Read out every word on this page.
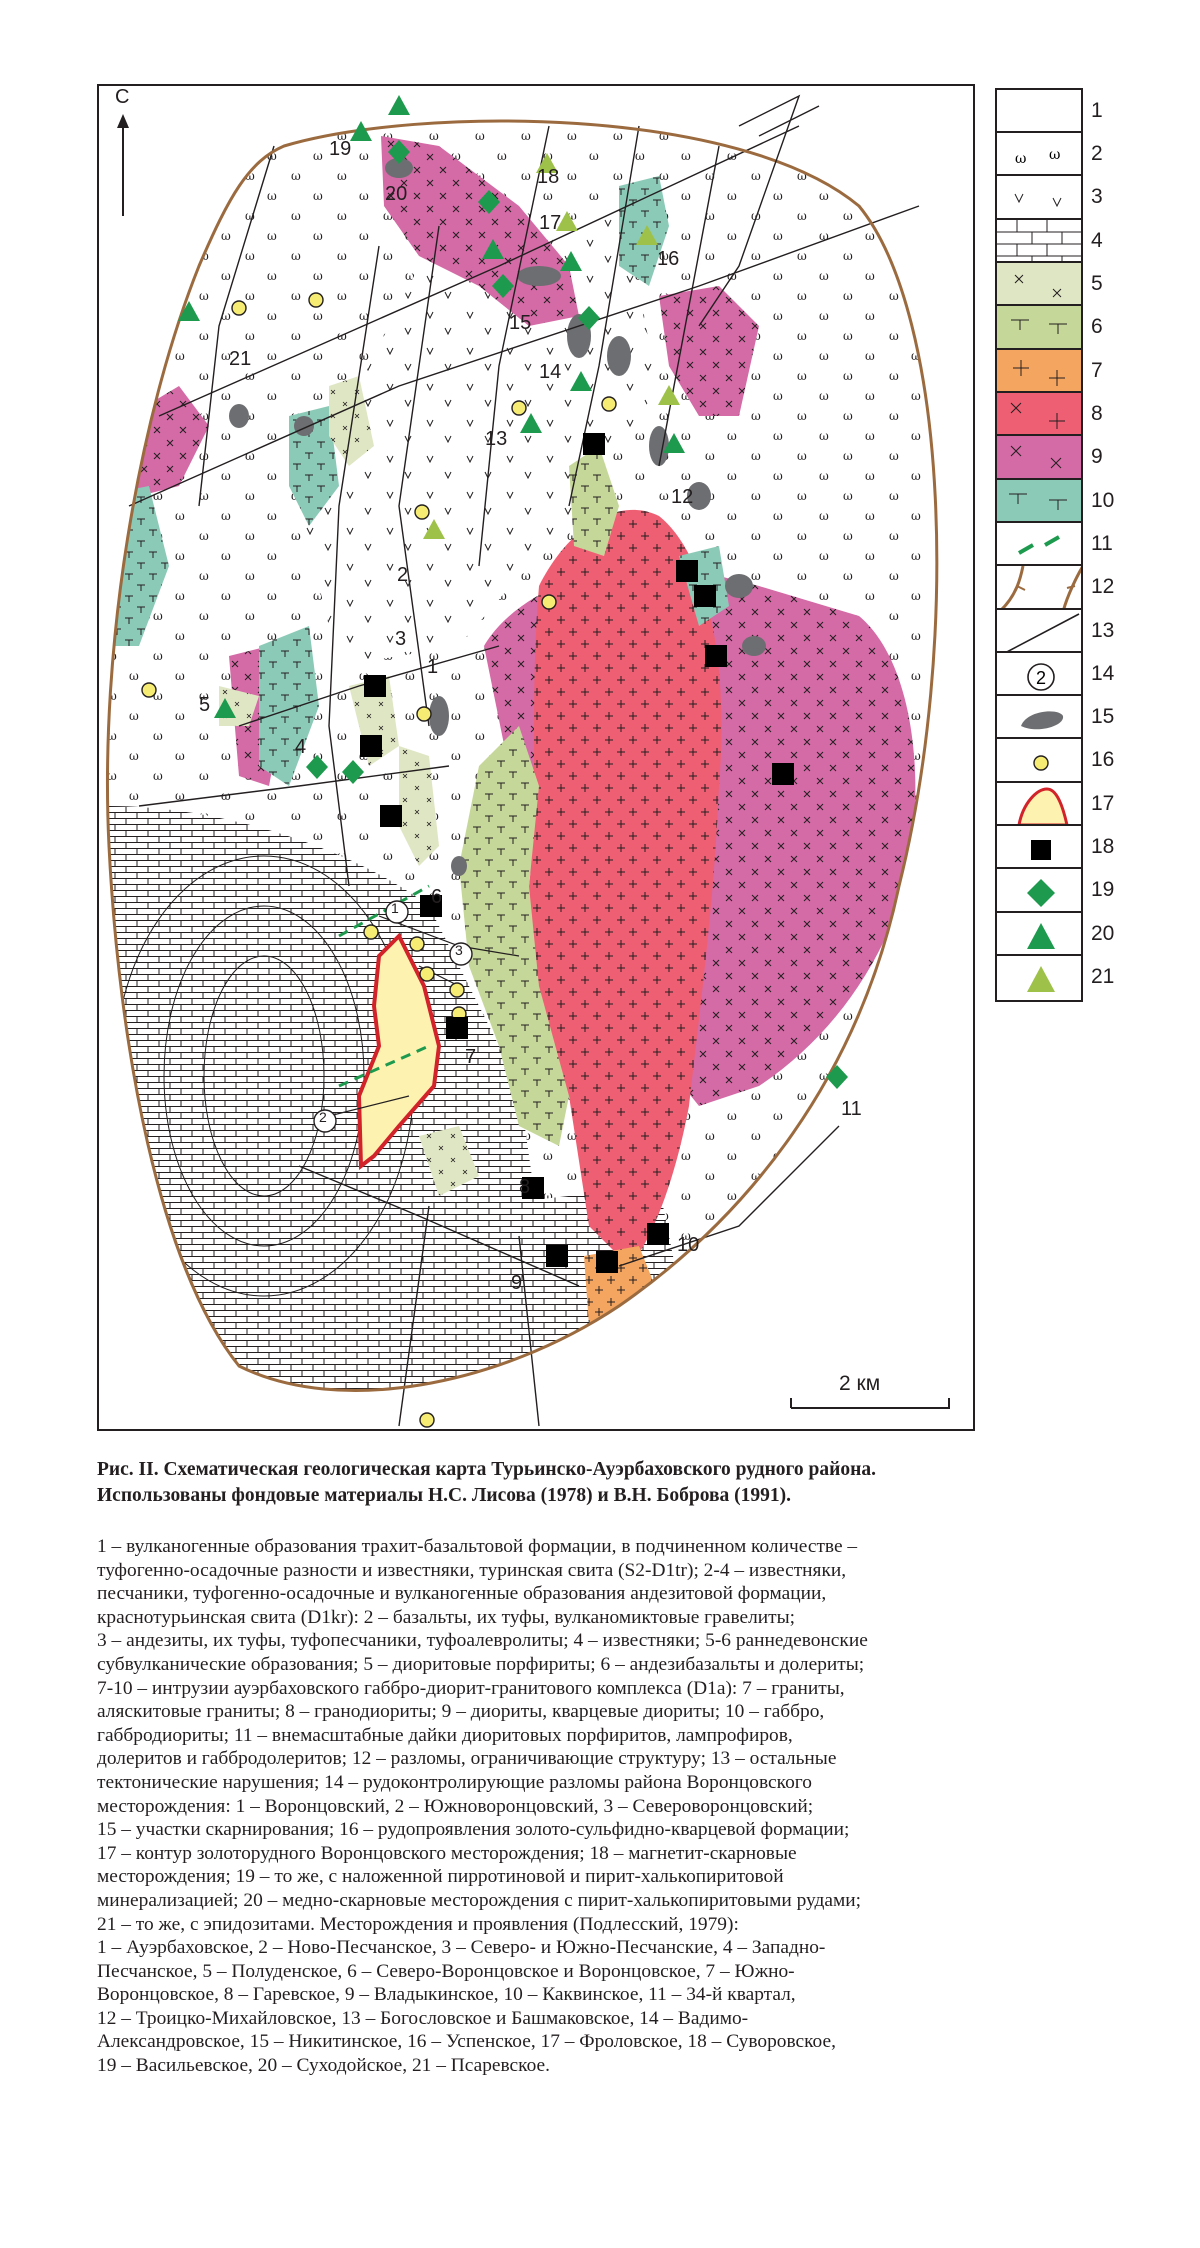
С
2 км
1
2
3
1
2
3
4
5
6
7
8
9
10
11
12
13
14
15
16
17
18
19
20
21
1
ω ω 2
3
4
5
6
7
8
9
10
11
12
13
2 14
15
16
17
18
19
20
21
Рис. II. Схематическая геологическая карта Турьинско-Ауэрбаховского рудного района.
Использованы фондовые материалы Н.С. Лисова (1978) и В.Н. Боброва (1991).
1 – вулканогенные образования трахит-базальтовой формации, в подчиненном количестве –
туфогенно-осадочные разности и известняки, туринская свита (S2-D1tr); 2-4 – известняки,
песчаники, туфогенно-осадочные и вулканогенные образования андезитовой формации,
краснотурьинская свита (D1kr): 2 – базальты, их туфы, вулканомиктовые гравелиты;
3 – андезиты, их туфы, туфопесчаники, туфоалевролиты; 4 – известняки; 5-6 раннедевонские
субвулканические образования; 5 – диоритовые порфириты; 6 – андезибазальты и долериты;
7-10 – интрузии ауэрбаховского габбро-диорит-гранитового комплекса (D1a): 7 – граниты,
аляскитовые граниты; 8 – гранодиориты; 9 – диориты, кварцевые диориты; 10 – габбро,
габбродиориты; 11 – внемасштабные дайки диоритовых порфиритов, лампрофиров,
долеритов и габбродолеритов; 12 – разломы, ограничивающие структуру; 13 – остальные
тектонические нарушения; 14 – рудоконтролирующие разломы района Воронцовского
месторождения: 1 – Воронцовский, 2 – Южноворонцовский, 3 – Североворонцовский;
15 – участки скарнирования; 16 – рудопроявления золото-сульфидно-кварцевой формации;
17 – контур золоторудного Воронцовского месторождения; 18 – магнетит-скарновые
месторождения; 19 – то же, с наложенной пирротиновой и пирит-халькопиритовой
минерализацией; 20 – медно-скарновые месторождения с пирит-халькопиритовыми рудами;
21 – то же, с эпидозитами. Месторождения и проявления (Подлесский, 1979):
1 – Ауэрбаховское, 2 – Ново-Песчанское, 3 – Северо- и Южно-Песчанские, 4 – Западно-
Песчанское, 5 – Полуденское, 6 – Северо-Воронцовское и Воронцовское, 7 – Южно-
Воронцовское, 8 – Гаревское, 9 – Владыкинское, 10 – Каквинское, 11 – 34-й квартал,
12 – Троицко-Михайловское, 13 – Богословское и Башмаковское, 14 – Вадимо-
Александровское, 15 – Никитинское, 16 – Успенское, 17 – Фроловское, 18 – Суворовское,
19 – Васильевское, 20 – Суходойское, 21 – Псаревское.
